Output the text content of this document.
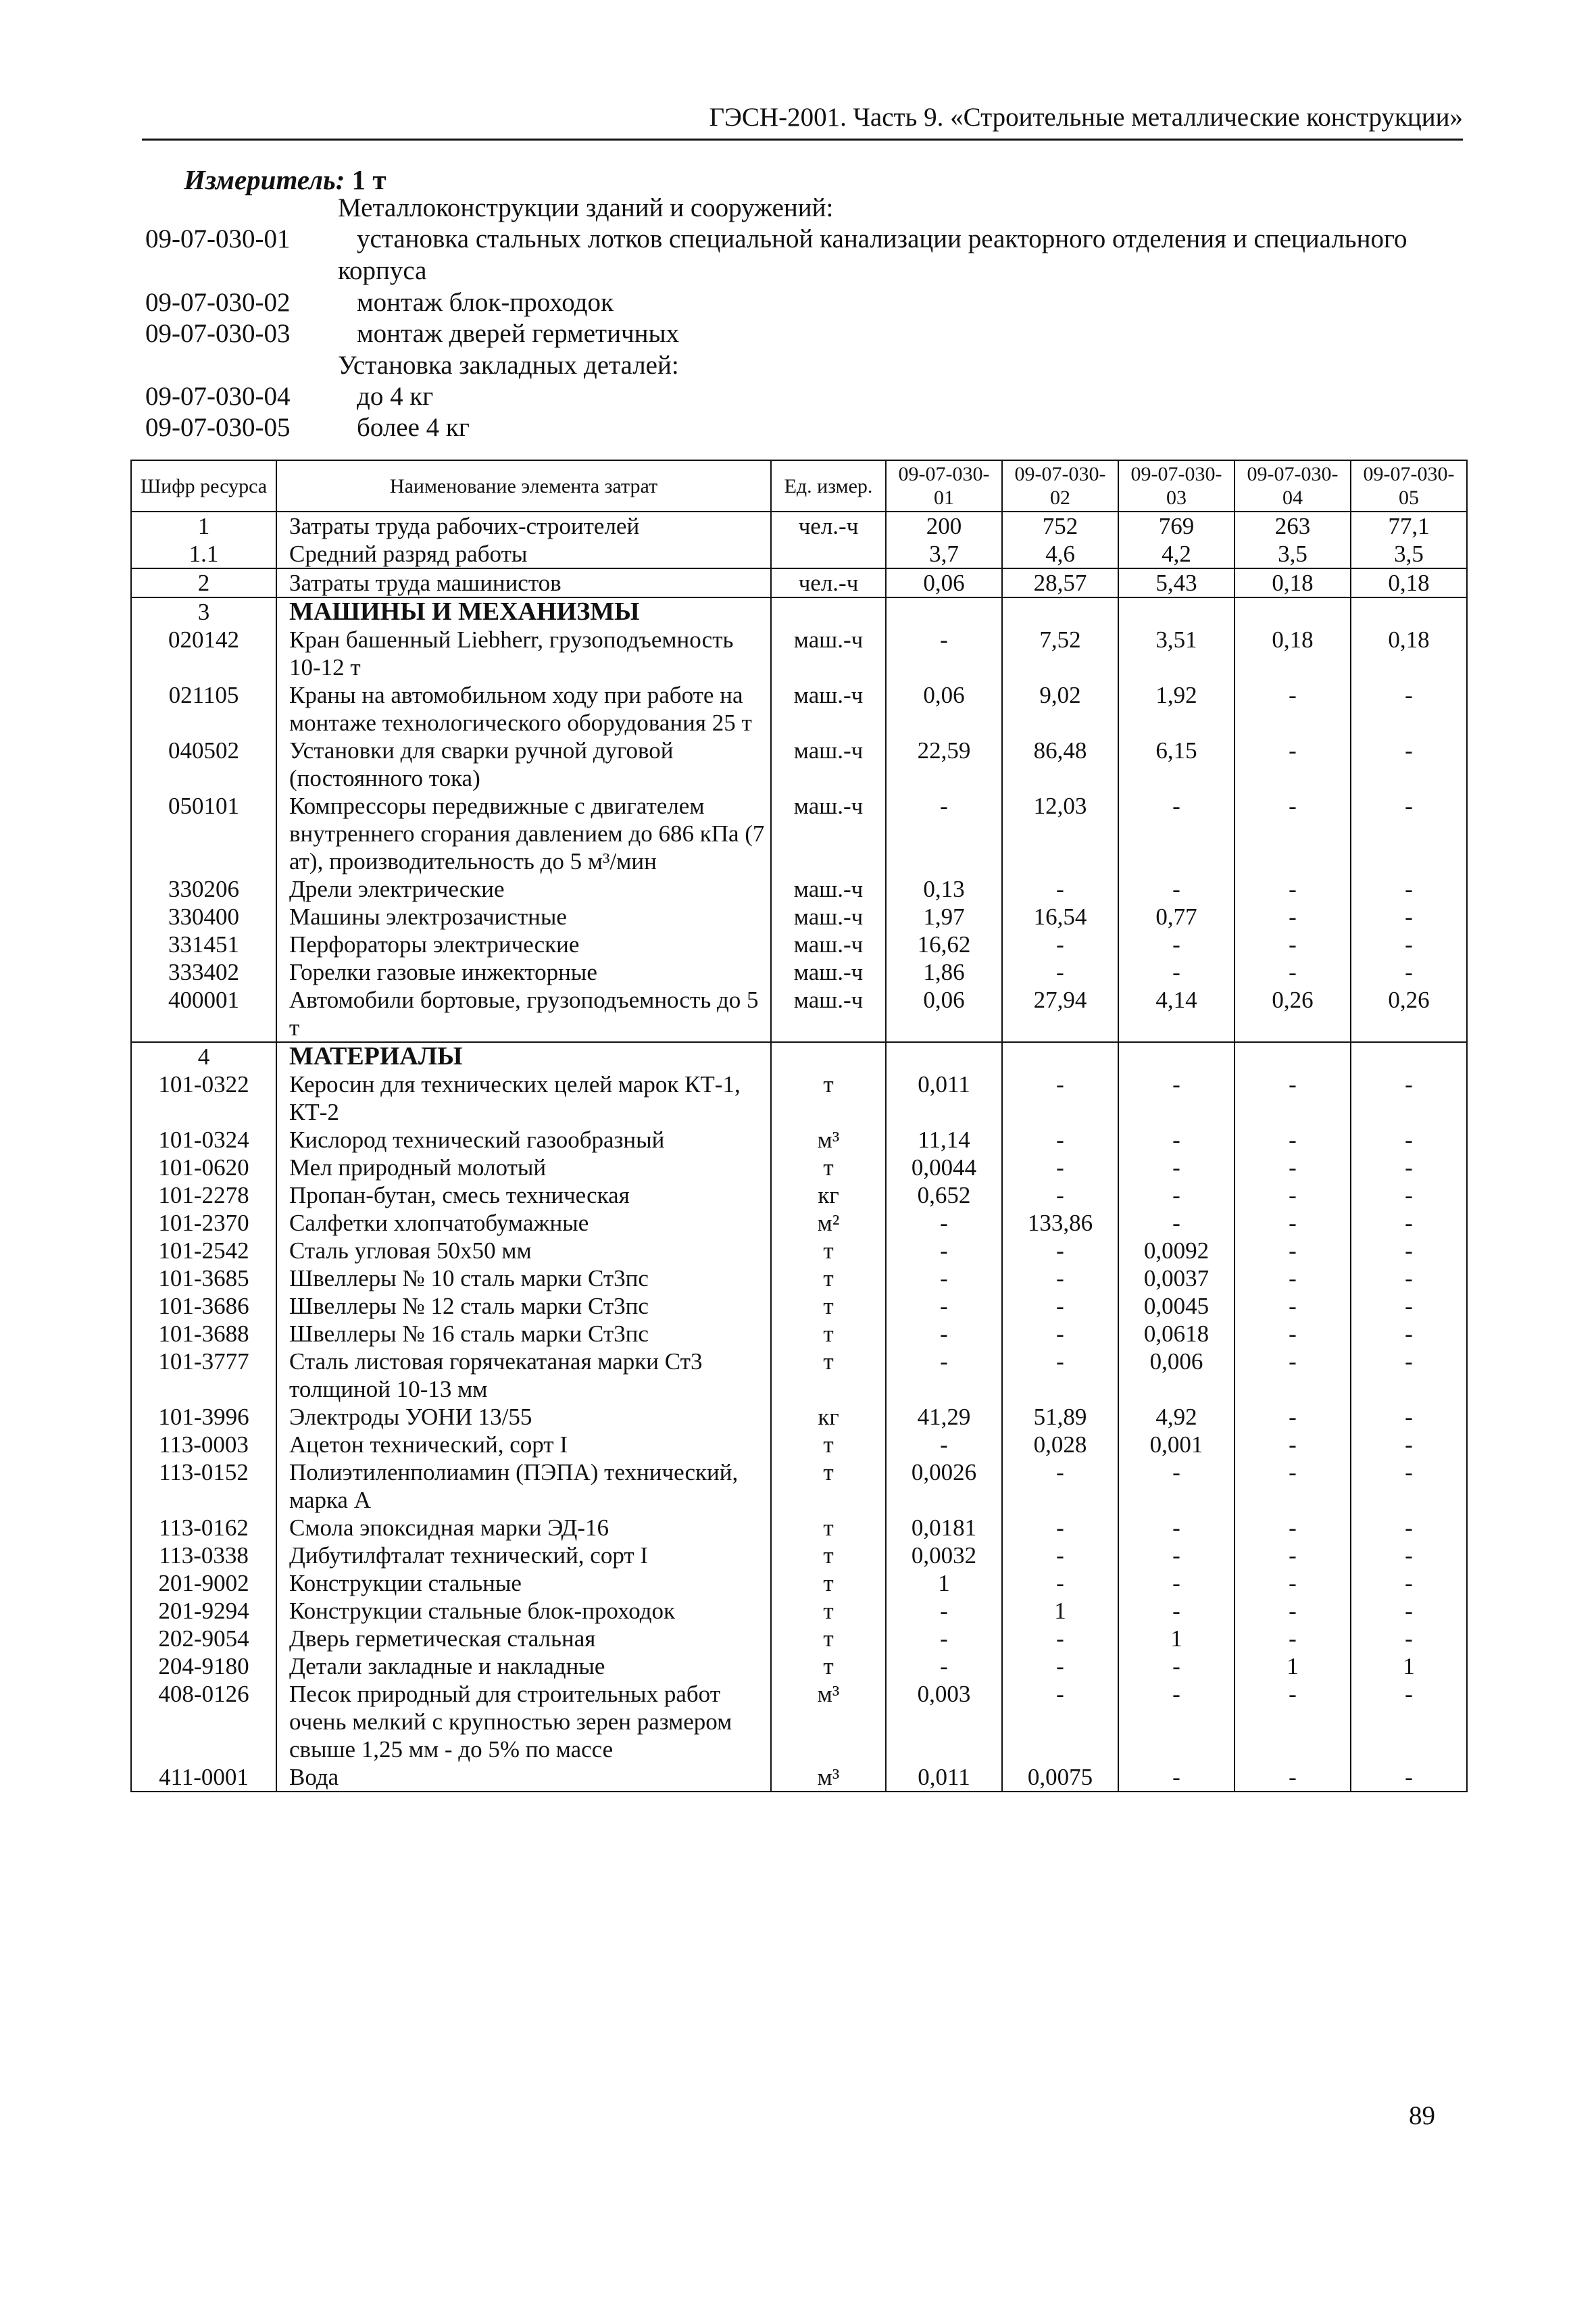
ГЭСН-2001. Часть 9. «Строительные металлические конструкции»
Измеритель: 1 т
Металлоконструкции зданий и сооружений:
09-07-030-01	установка стальных лотков специальной канализации реакторного отделения и специального
корпуса
09-07-030-02	монтаж блок-проходок
09-07-030-03	монтаж дверей герметичных
Установка закладных деталей:
09-07-030-04	до 4 кг
09-07-030-05	более 4 кг
Шифр ресурса	Наименование элемента затрат	Ед. измер.	09-07-030-01	09-07-030-02	09-07-030-03	09-07-030-04	09-07-030-05
1	Затраты труда рабочих-строителей	чел.-ч	200	752	769	263	77,1
1.1	Средний разряд работы		3,7	4,6	4,2	3,5	3,5
2	Затраты труда машинистов	чел.-ч	0,06	28,57	5,43	0,18	0,18
3	МАШИНЫ И МЕХАНИЗМЫ						
020142	Кран башенный Liebherr, грузоподъемность 10-12 т	маш.-ч	-	7,52	3,51	0,18	0,18
021105	Краны на автомобильном ходу при работе на монтаже технологического оборудования 25 т	маш.-ч	0,06	9,02	1,92	-	-
040502	Установки для сварки ручной дуговой (постоянного тока)	маш.-ч	22,59	86,48	6,15	-	-
050101	Компрессоры передвижные с двигателем внутреннего сгорания давлением до 686 кПа (7 ат), производительность до 5 м³/мин	маш.-ч	-	12,03	-	-	-
330206	Дрели электрические	маш.-ч	0,13	-	-	-	-
330400	Машины электрозачистные	маш.-ч	1,97	16,54	0,77	-	-
331451	Перфораторы электрические	маш.-ч	16,62	-	-	-	-
333402	Горелки газовые инжекторные	маш.-ч	1,86	-	-	-	-
400001	Автомобили бортовые, грузоподъемность до 5 т	маш.-ч	0,06	27,94	4,14	0,26	0,26
4	МАТЕРИАЛЫ						
101-0322	Керосин для технических целей марок КТ-1, КТ-2	т	0,011	-	-	-	-
101-0324	Кислород технический газообразный	м³	11,14	-	-	-	-
101-0620	Мел природный молотый	т	0,0044	-	-	-	-
101-2278	Пропан-бутан, смесь техническая	кг	0,652	-	-	-	-
101-2370	Салфетки хлопчатобумажные	м²	-	133,86	-	-	-
101-2542	Сталь угловая 50x50 мм	т	-	-	0,0092	-	-
101-3685	Швеллеры № 10 сталь марки Ст3пс	т	-	-	0,0037	-	-
101-3686	Швеллеры № 12 сталь марки Ст3пс	т	-	-	0,0045	-	-
101-3688	Швеллеры № 16 сталь марки Ст3пс	т	-	-	0,0618	-	-
101-3777	Сталь листовая горячекатаная марки Ст3 толщиной 10-13 мм	т	-	-	0,006	-	-
101-3996	Электроды УОНИ 13/55	кг	41,29	51,89	4,92	-	-
113-0003	Ацетон технический, сорт I	т	-	0,028	0,001	-	-
113-0152	Полиэтиленполиамин (ПЭПА) технический, марка А	т	0,0026	-	-	-	-
113-0162	Смола эпоксидная марки ЭД-16	т	0,0181	-	-	-	-
113-0338	Дибутилфталат технический, сорт I	т	0,0032	-	-	-	-
201-9002	Конструкции стальные	т	1	-	-	-	-
201-9294	Конструкции стальные блок-проходок	т	-	1	-	-	-
202-9054	Дверь герметическая стальная	т	-	-	1	-	-
204-9180	Детали закладные и накладные	т	-	-	-	1	1
408-0126	Песок природный для строительных работ очень мелкий с крупностью зерен размером свыше 1,25 мм - до 5% по массе	м³	0,003	-	-	-	-
411-0001	Вода	м³	0,011	0,0075	-	-	-
89
